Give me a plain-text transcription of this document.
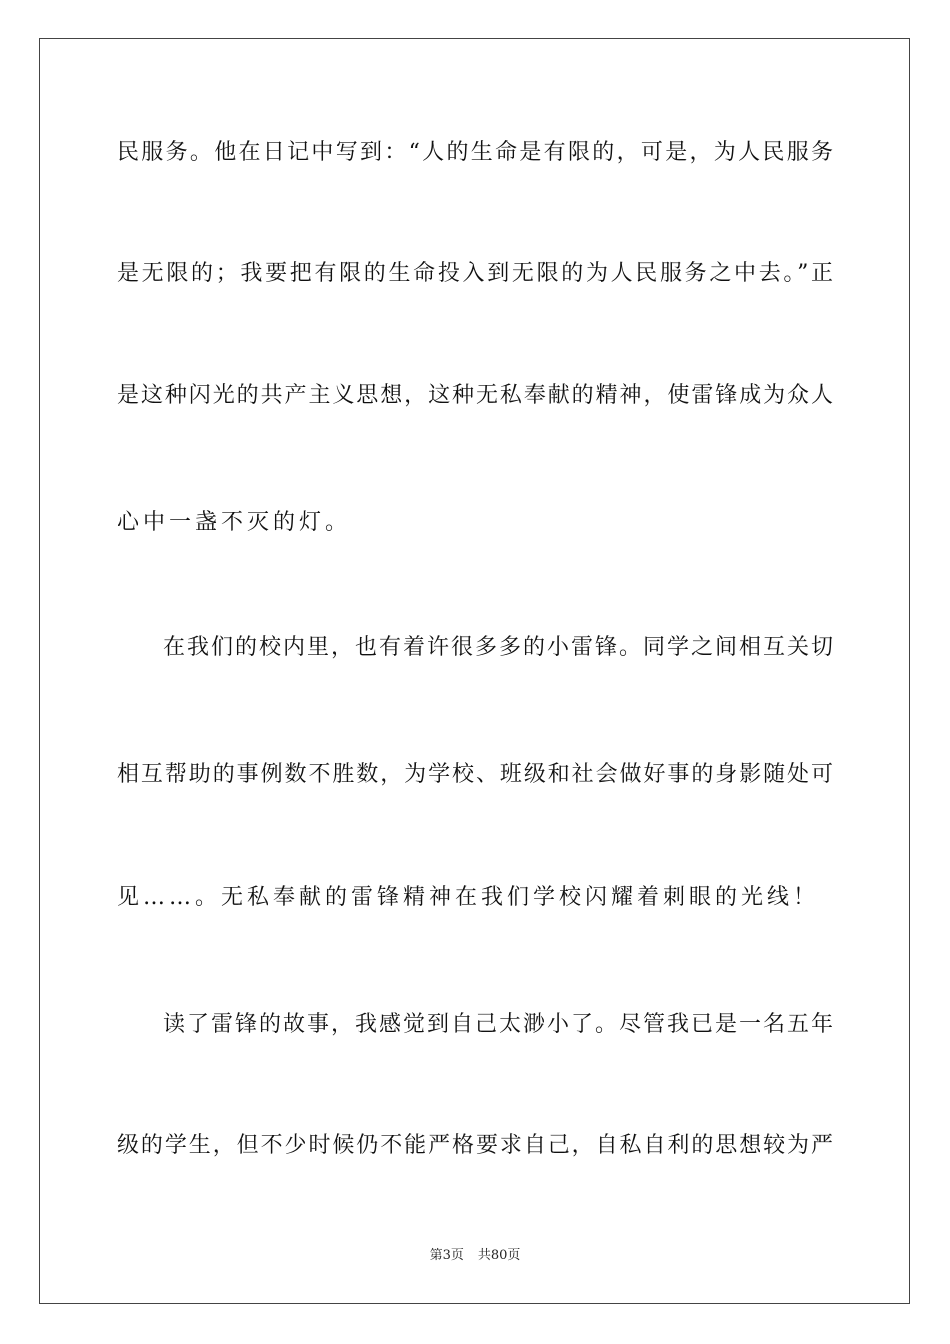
民服务。他在日记中写到：“人的生命是有限的，可是，为人民服务
是无限的；我要把有限的生命投入到无限的为人民服务之中去。”正
是这种闪光的共产主义思想，这种无私奉献的精神，使雷锋成为众人
心中一盏不灭的灯。
在我们的校内里，也有着许很多多的小雷锋。同学之间相互关切
相互帮助的事例数不胜数，为学校、班级和社会做好事的身影随处可
见……。无私奉献的雷锋精神在我们学校闪耀着刺眼的光线！
读了雷锋的故事，我感觉到自己太渺小了。尽管我已是一名五年
级的学生，但不少时候仍不能严格要求自己，自私自利的思想较为严
第3页 共80页
